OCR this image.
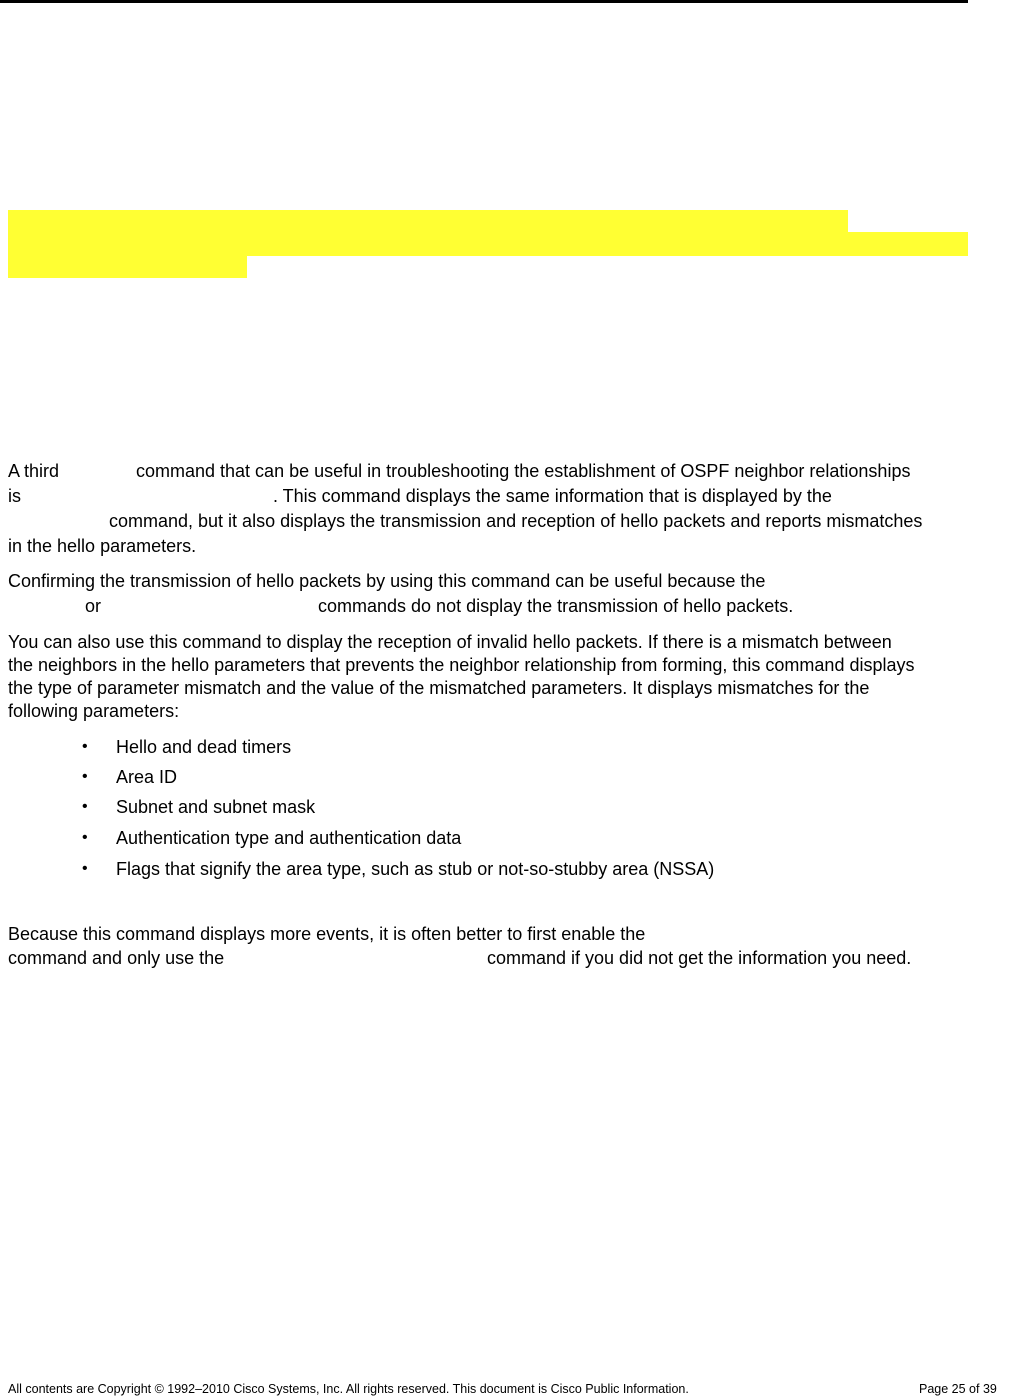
A third

	command that can be useful in troubleshooting the establishment of OSPF neighbor relationships

is

	. This command displays the same information that is displayed by the

command, but it also displays the transmission and reception of hello packets and reports mismatches

in the hello parameters.

Confirming the transmission of hello packets by using this command can be useful because the

or

	commands do not display the transmission of hello packets.

You can also use this command to display the reception of invalid hello packets. If there is a mismatch between
the neighbors in the hello parameters that prevents the neighbor relationship from forming, this command displays
the type of parameter mismatch and the value of the mismatched parameters. It displays mismatches for the
following parameters:
• Hello and dead timers
• Area ID
• Subnet and subnet mask
• Authentication type and authentication data
• Flags that signify the area type, such as stub or not-so-stubby area (NSSA)

Because this command displays more events, it is often better to first enable the

command and only use the

	command if you did not get the information you need.

All contents are Copyright © 1992–2010 Cisco Systems, Inc. All rights reserved. This document is Cisco Public Information.	Page 25 of 39
